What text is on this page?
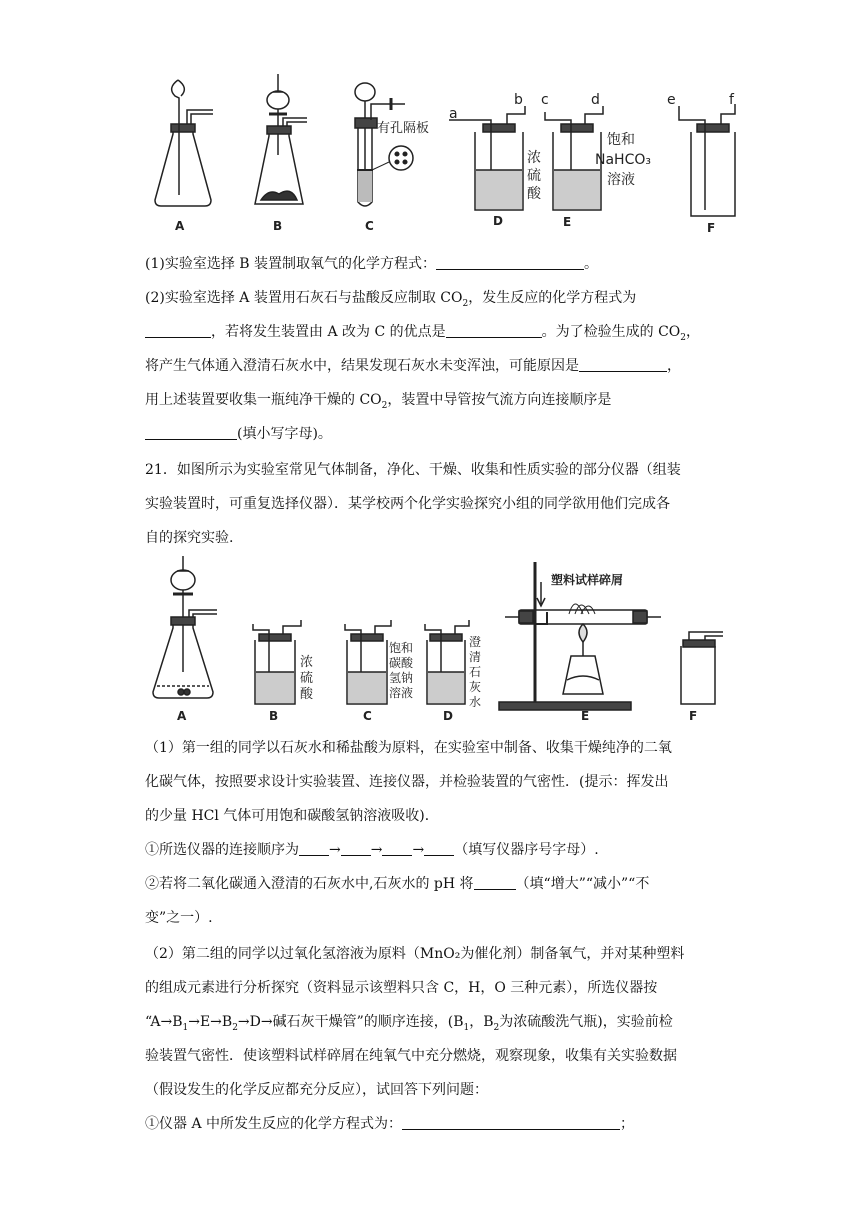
A	B
有孔隔板
C
a
b
浓
硫
酸
D
c	d
饱和
NaHCO₃
溶液
E
e	f
F
(1)实验室选择 B 装置制取氧气的化学方程式：	。
(2)实验室选择 A 装置用石灰石与盐酸反应制取 $CO_2$，发生反应的化学方程式为
，若将发生装置由 A 改为 C 的优点是	。为了检验生成的 $CO_2$，
将产生气体通入澄清石灰水中，结果发现石灰水未变浑浊，可能原因是	，
用上述装置要收集一瓶纯净干燥的 $CO_2$，装置中导管按气流方向连接顺序是
(填小写字母)。
21．如图所示为实验室常见气体制备，净化、干燥、收集和性质实验的部分仪器（组装
实验装置时，可重复选择仪器）．某学校两个化学实验探究小组的同学欲用他们完成各
自的探究实验.
A
浓
硫
酸
B
饱和
碳酸
氢钠
溶液
C
澄
清
石
灰
水
D
塑料试样碎屑
E	F
（1）第一组的同学以石灰水和稀盐酸为原料，在实验室中制备、收集干燥纯净的二氧
化碳气体，按照要求设计实验装置、连接仪器，并检验装置的气密性．(提示：挥发出
的少量 HCl 气体可用饱和碳酸氢钠溶液吸收)．
①所选仪器的连接顺序为 → → → （填写仪器序号字母）.
②若将二氧化碳通入澄清的石灰水中,石灰水的 pH 将	（填“增大”“减小”“不
变”之一）.
（2）第二组的同学以过氧化氢溶液为原料（MnO₂为催化剂）制备氧气，并对某种塑料
的组成元素进行分析探究（资料显示该塑料只含 C，H，O 三种元素），所选仪器按
“$A\to B_1\to E\to B_2\to D\to$碱石灰干燥管”的顺序连接，($B_1$，$B_2$为浓硫酸洗气瓶)，实验前检
验装置气密性．使该塑料试样碎屑在纯氧气中充分燃烧，观察现象，收集有关实验数据
（假设发生的化学反应都充分反应），试回答下列问题：
①仪器 A 中所发生反应的化学方程式为：	；
